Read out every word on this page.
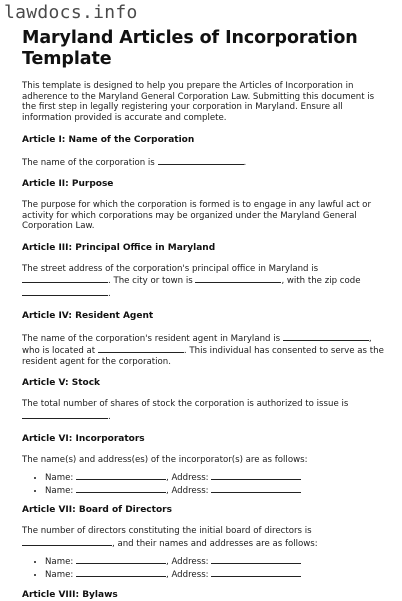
lawdocs.info
Maryland Articles of Incorporation Template

This template is designed to help you prepare the Articles of Incorporation in adherence to the Maryland General Corporation Law. Submitting this document is the first step in legally registering your corporation in Maryland. Ensure all information provided is accurate and complete.

Article I: Name of the Corporation

The name of the corporation is	.

Article II: Purpose

The purpose for which the corporation is formed is to engage in any lawful act or activity for which corporations may be organized under the Maryland General Corporation Law.

Article III: Principal Office in Maryland

The street address of the corporation's principal office in Maryland is . The city or town is	, with the zip code .

Article IV: Resident Agent

The name of the corporation's resident agent in Maryland is	, who is located at	. This individual has consented to serve as the resident agent for the corporation.

Article V: Stock

The total number of shares of stock the corporation is authorized to issue is .

Article VI: Incorporators

The name(s) and address(es) of the incorporator(s) are as follows:

• Name:	, Address:
• Name:	, Address:
Article VII: Board of Directors

The number of directors constituting the initial board of directors is , and their names and addresses are as follows:

• Name:	, Address:
• Name:	, Address:
Article VIII: Bylaws
